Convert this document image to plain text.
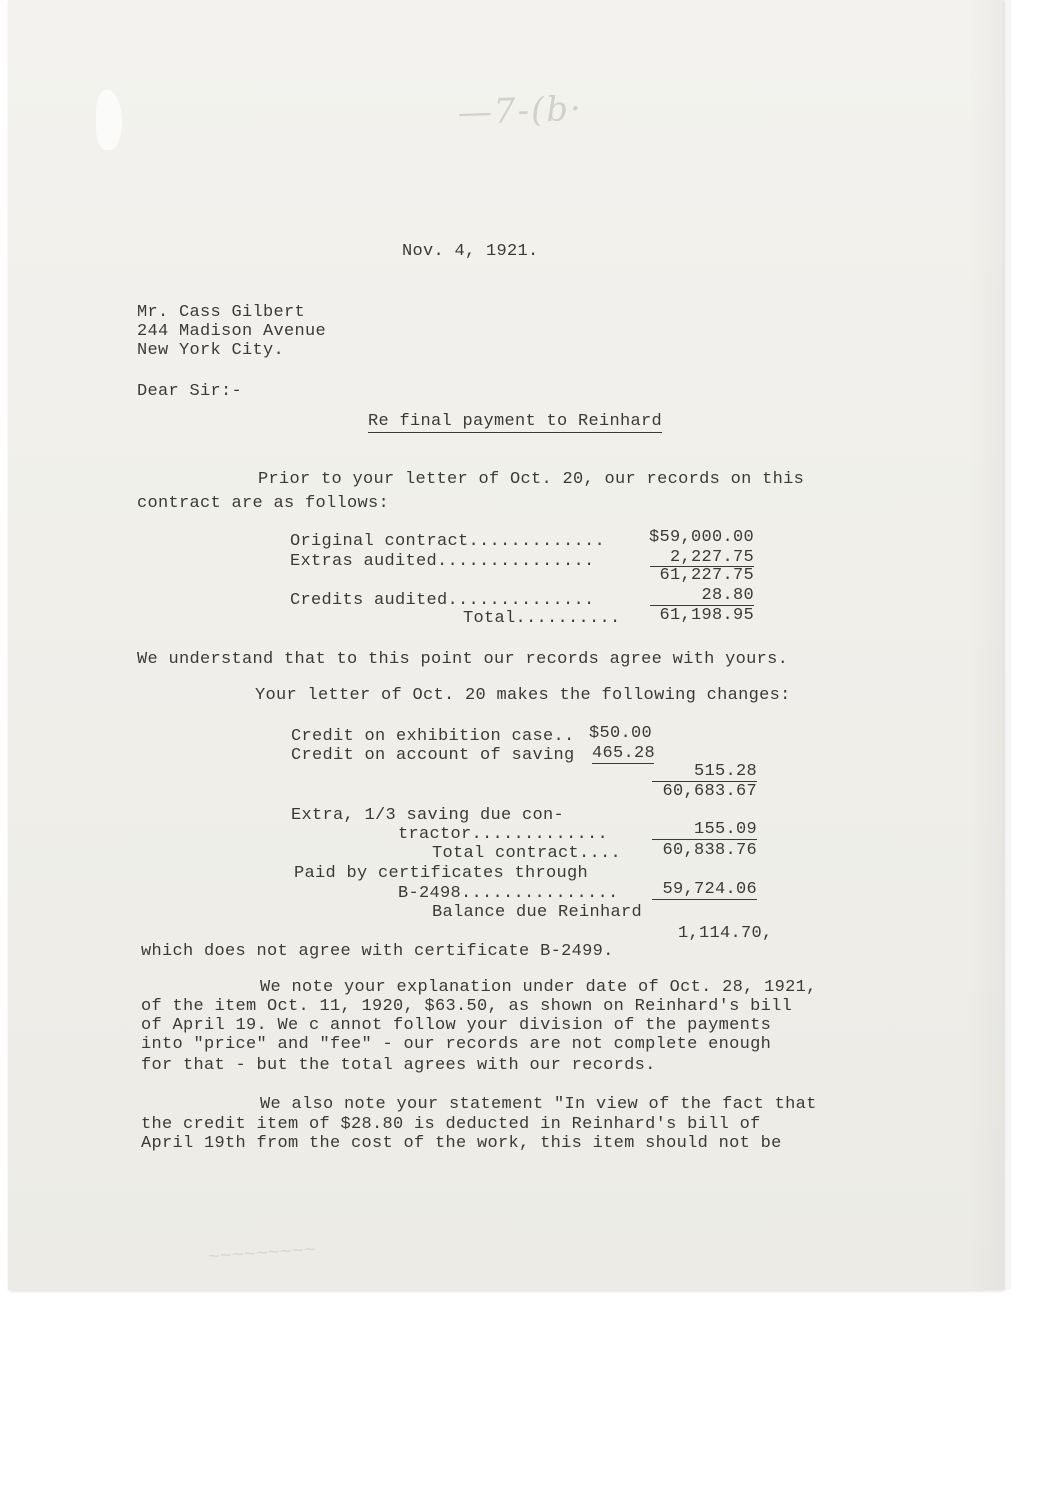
—7-(b·
~~~~~~~~~
Nov. 4, 1921.
Mr. Cass Gilbert
244 Madison Avenue
New York City.
Dear Sir:-
Re final payment to Reinhard
Prior to your letter of Oct. 20, our records on this
contract are as follows:
Original contract.............	$59,000.00
Extras audited...............	2,227.75
61,227.75
Credits audited..............	28.80
Total..........	61,198.95
We understand that to this point our records agree with yours.
Your letter of Oct. 20 makes the following changes:
Credit on exhibition case.. $50.00
Credit on account of saving 465.28
515.28
60,683.67
Extra, 1/3 saving due con-
tractor.............	155.09
Total contract....	60,838.76
Paid by certificates through
B-2498...............	59,724.06
Balance due Reinhard
1,114.70,
which does not agree with certificate B-2499.
We note your explanation under date of Oct. 28, 1921,
of the item Oct. 11, 1920, $63.50, as shown on Reinhard's bill
of April 19. We c annot follow your division of the payments
into "price" and "fee" - our records are not complete enough
for that - but the total agrees with our records.
We also note your statement "In view of the fact that
the credit item of $28.80 is deducted in Reinhard's bill of
April 19th from the cost of the work, this item should not be
